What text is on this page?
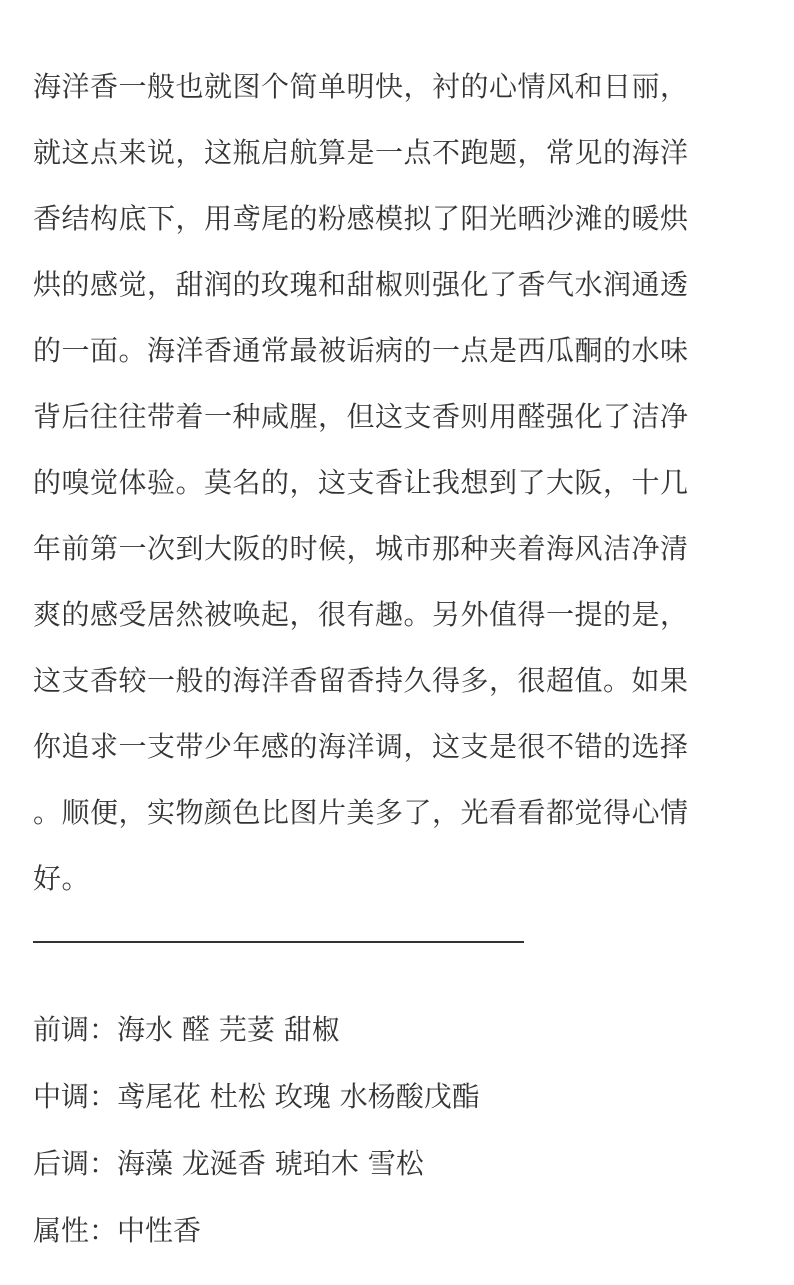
海洋香一般也就图个简单明快，衬的心情风和日丽，
就这点来说，这瓶启航算是一点不跑题，常见的海洋
香结构底下，用鸢尾的粉感模拟了阳光晒沙滩的暖烘
烘的感觉，甜润的玫瑰和甜椒则强化了香气水润通透
的一面。海洋香通常最被诟病的一点是西瓜酮的水味
背后往往带着一种咸腥，但这支香则用醛强化了洁净
的嗅觉体验。莫名的，这支香让我想到了大阪，十几
年前第一次到大阪的时候，城市那种夹着海风洁净清
爽的感受居然被唤起，很有趣。另外值得一提的是，
这支香较一般的海洋香留香持久得多，很超值。如果
你追求一支带少年感的海洋调，这支是很不错的选择
。顺便，实物颜色比图片美多了，光看看都觉得心情
好。

前调：海水 醛 芫荽 甜椒
中调：鸢尾花 杜松 玫瑰 水杨酸戊酯
后调：海藻 龙涎香 琥珀木 雪松
属性：中性香
